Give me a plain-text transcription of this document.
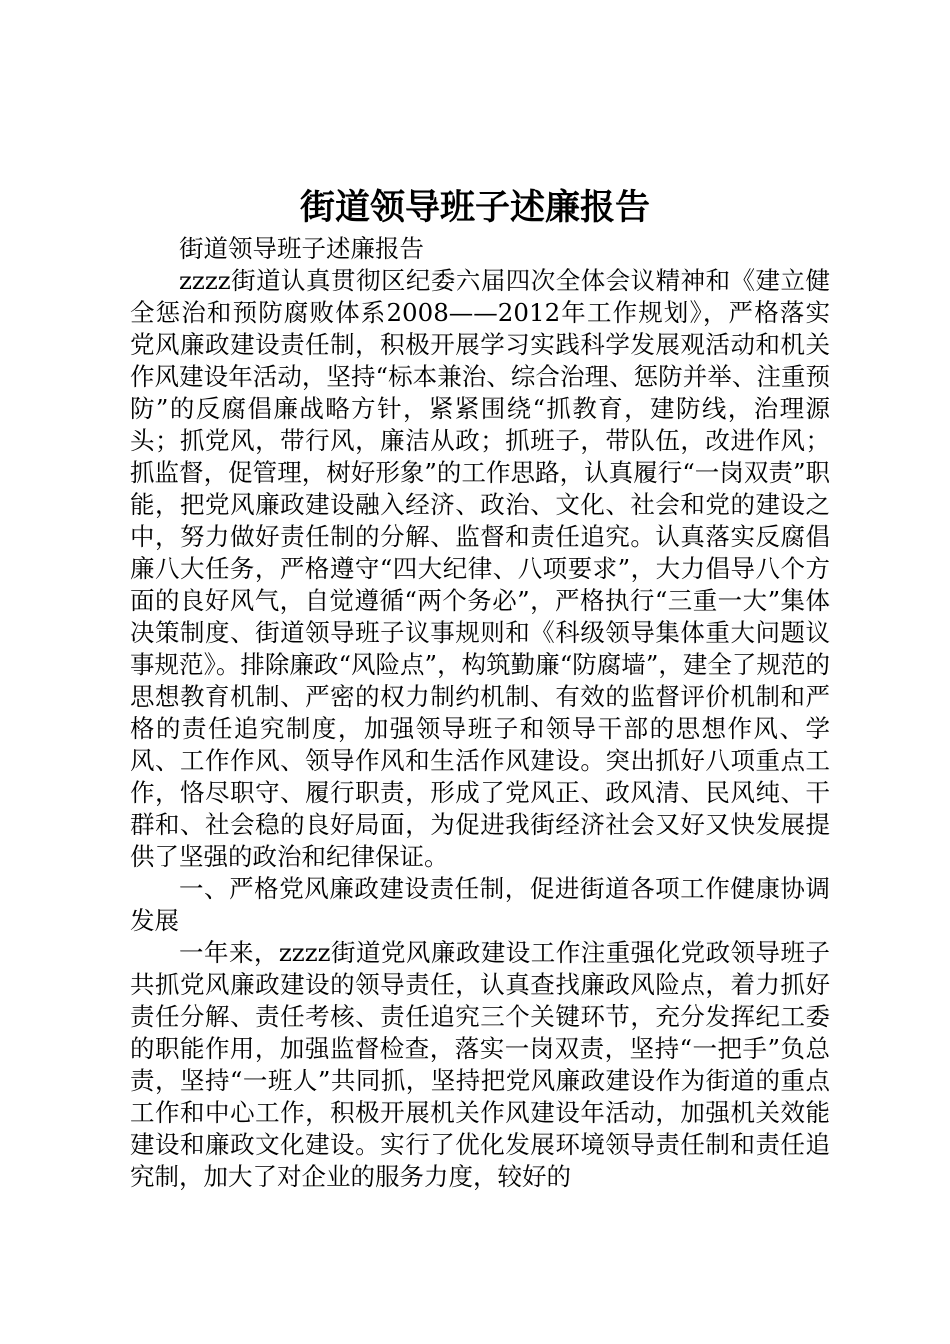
街道领导班子述廉报告

街道领导班子述廉报告

zzzz街道认真贯彻区纪委六届四次全体会议精神和《建立健全惩治和预防腐败体系2008——2012年工作规划》，严格落实党风廉政建设责任制，积极开展学习实践科学发展观活动和机关作风建设年活动，坚持“标本兼治、综合治理、惩防并举、注重预防”的反腐倡廉战略方针，紧紧围绕“抓教育，建防线，治理源头；抓党风，带行风，廉洁从政；抓班子，带队伍，改进作风；抓监督，促管理，树好形象”的工作思路，认真履行“一岗双责”职能，把党风廉政建设融入经济、政治、文化、社会和党的建设之中，努力做好责任制的分解、监督和责任追究。认真落实反腐倡廉八大任务，严格遵守“四大纪律、八项要求”，大力倡导八个方面的良好风气，自觉遵循“两个务必”，严格执行“三重一大”集体决策制度、街道领导班子议事规则和《科级领导集体重大问题议事规范》。排除廉政“风险点”，构筑勤廉“防腐墙”，建全了规范的思想教育机制、严密的权力制约机制、有效的监督评价机制和严格的责任追究制度，加强领导班子和领导干部的思想作风、学风、工作作风、领导作风和生活作风建设。突出抓好八项重点工作，恪尽职守、履行职责，形成了党风正、政风清、民风纯、干群和、社会稳的良好局面，为促进我街经济社会又好又快发展提供了坚强的政治和纪律保证。

一、严格党风廉政建设责任制，促进街道各项工作健康协调发展

一年来，zzzz街道党风廉政建设工作注重强化党政领导班子共抓党风廉政建设的领导责任，认真查找廉政风险点，着力抓好责任分解、责任考核、责任追究三个关键环节，充分发挥纪工委的职能作用，加强监督检查，落实一岗双责，坚持“一把手”负总责，坚持“一班人”共同抓，坚持把党风廉政建设作为街道的重点工作和中心工作，积极开展机关作风建设年活动，加强机关效能建设和廉政文化建设。实行了优化发展环境领导责任制和责任追究制，加大了对企业的服务力度，较好的
